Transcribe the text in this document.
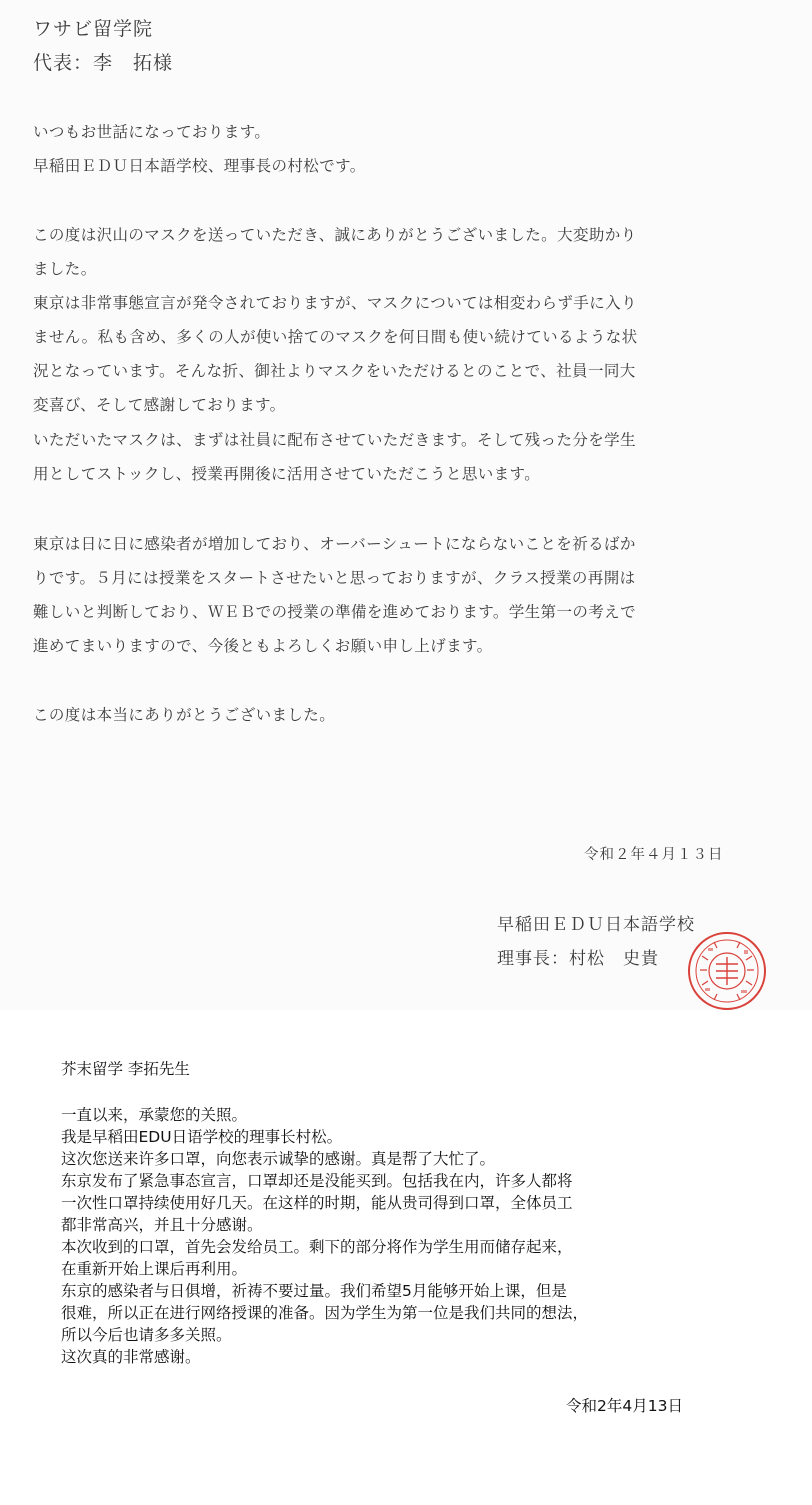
ワサビ留学院
代表：李　拓様
いつもお世話になっております。
早稲田ＥＤＵ日本語学校、理事長の村松です。
この度は沢山のマスクを送っていただき、誠にありがとうございました。大変助かり
ました。
東京は非常事態宣言が発令されておりますが、マスクについては相変わらず手に入り
ません。私も含め、多くの人が使い捨てのマスクを何日間も使い続けているような状
況となっています。そんな折、御社よりマスクをいただけるとのことで、社員一同大
変喜び、そして感謝しております。
いただいたマスクは、まずは社員に配布させていただきます。そして残った分を学生
用としてストックし、授業再開後に活用させていただこうと思います。
東京は日に日に感染者が増加しており、オーバーシュートにならないことを祈るばか
りです。５月には授業をスタートさせたいと思っておりますが、クラス授業の再開は
難しいと判断しており、ＷＥＢでの授業の準備を進めております。学生第一の考えで
進めてまいりますので、今後ともよろしくお願い申し上げます。
この度は本当にありがとうございました。
令和２年４月１３日
早稲田ＥＤＵ日本語学校
理事長：村松　史貴
芥末留学 李拓先生
一直以来，承蒙您的关照。
我是早稻田EDU日语学校的理事长村松。
这次您送来许多口罩，向您表示诚挚的感谢。真是帮了大忙了。
东京发布了紧急事态宣言，口罩却还是没能买到。包括我在内，许多人都将
一次性口罩持续使用好几天。在这样的时期，能从贵司得到口罩，全体员工
都非常高兴，并且十分感谢。
本次收到的口罩，首先会发给员工。剩下的部分将作为学生用而储存起来，
在重新开始上课后再利用。
东京的感染者与日俱增，祈祷不要过量。我们希望5月能够开始上课，但是
很难，所以正在进行网络授课的准备。因为学生为第一位是我们共同的想法，
所以今后也请多多关照。
这次真的非常感谢。
令和2年4月13日
